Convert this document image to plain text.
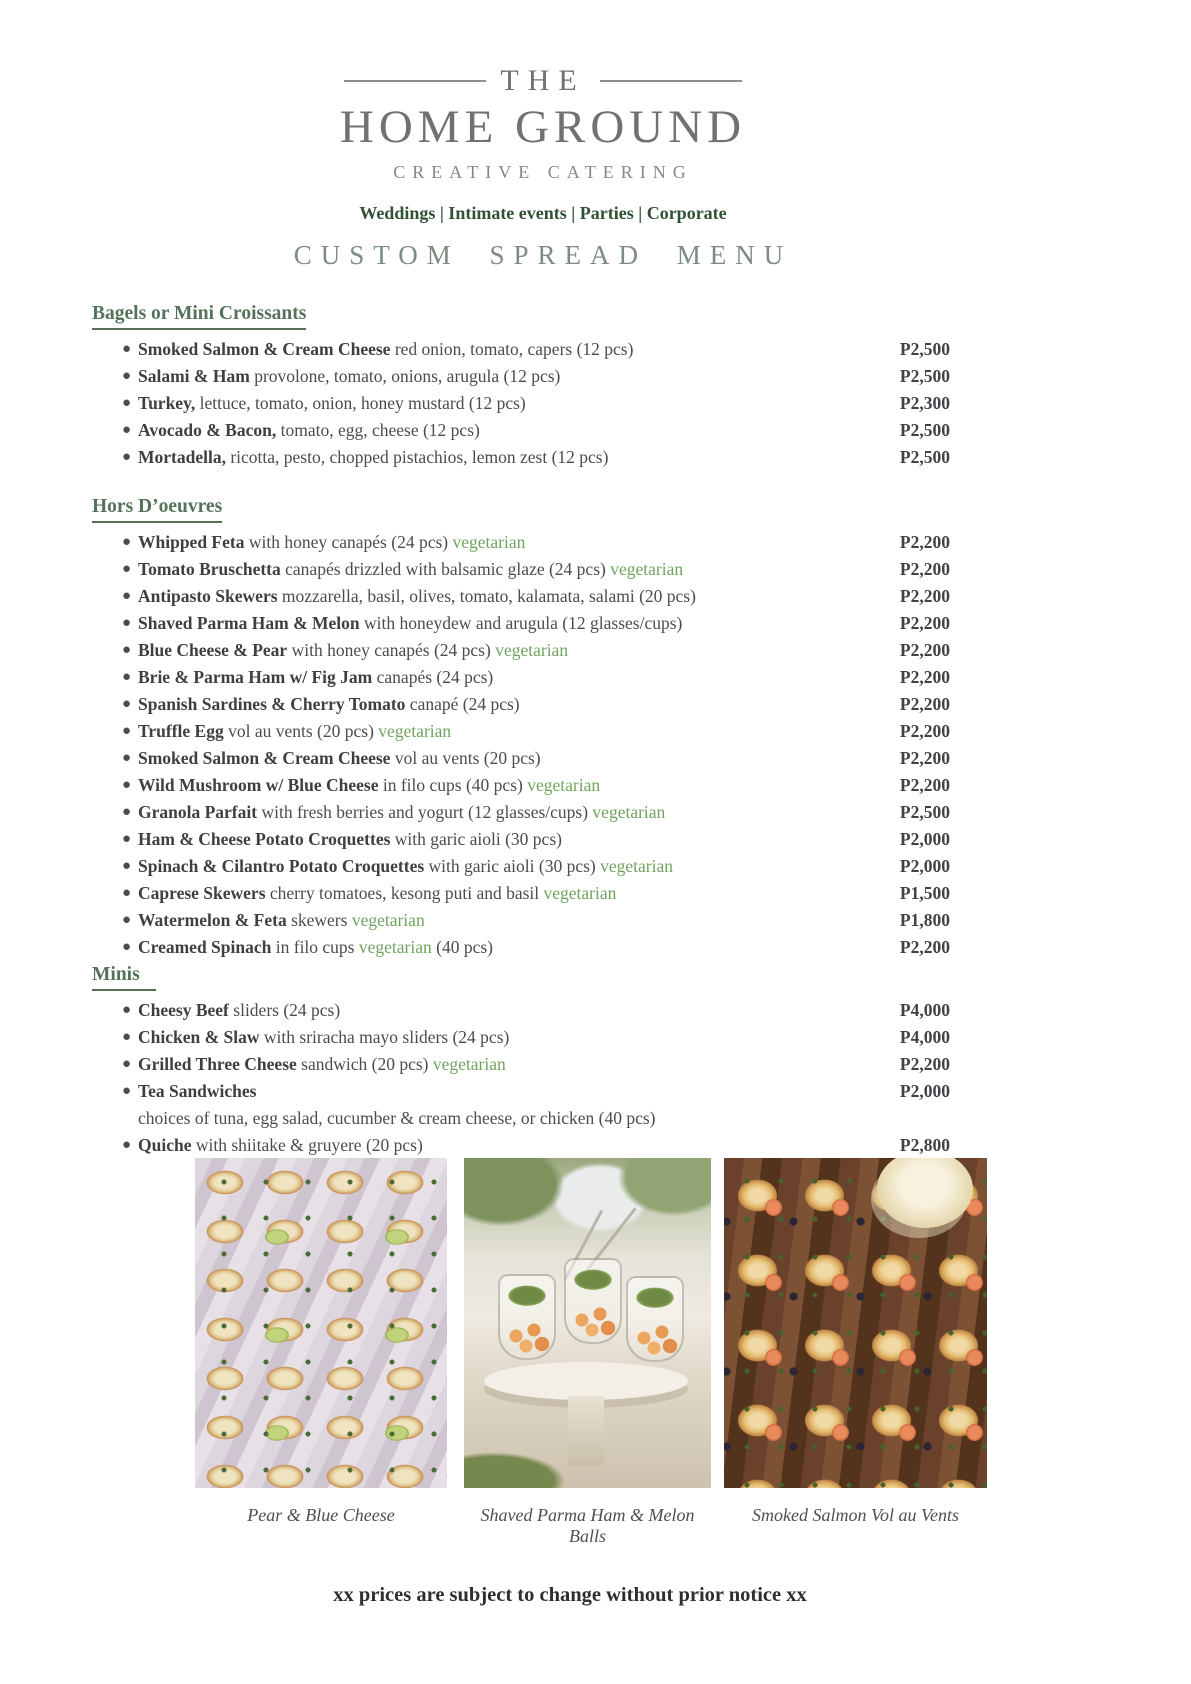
THE
HOME GROUND
CREATIVE CATERING
Weddings | Intimate events | Parties | Corporate
CUSTOM SPREAD MENU
Bagels or Mini Croissants
● Smoked Salmon & Cream Cheese red onion, tomato, capers (12 pcs)	P2,500
● Salami & Ham provolone, tomato, onions, arugula (12 pcs)	P2,500
● Turkey, lettuce, tomato, onion, honey mustard (12 pcs)	P2,300
● Avocado & Bacon, tomato, egg, cheese (12 pcs)	P2,500
● Mortadella, ricotta, pesto, chopped pistachios, lemon zest (12 pcs)	P2,500
Hors D’oeuvres
● Whipped Feta with honey canapés (24 pcs) vegetarian	P2,200
● Tomato Bruschetta canapés drizzled with balsamic glaze (24 pcs) vegetarian	P2,200
● Antipasto Skewers mozzarella, basil, olives, tomato, kalamata, salami (20 pcs)	P2,200
● Shaved Parma Ham & Melon with honeydew and arugula (12 glasses/cups)	P2,200
● Blue Cheese & Pear with honey canapés (24 pcs) vegetarian	P2,200
● Brie & Parma Ham w/ Fig Jam canapés (24 pcs)	P2,200
● Spanish Sardines & Cherry Tomato canapé (24 pcs)	P2,200
● Truffle Egg vol au vents (20 pcs) vegetarian	P2,200
● Smoked Salmon & Cream Cheese vol au vents (20 pcs)	P2,200
● Wild Mushroom w/ Blue Cheese in filo cups (40 pcs) vegetarian	P2,200
● Granola Parfait with fresh berries and yogurt (12 glasses/cups) vegetarian	P2,500
● Ham & Cheese Potato Croquettes with garic aioli (30 pcs)	P2,000
● Spinach & Cilantro Potato Croquettes with garic aioli (30 pcs) vegetarian	P2,000
● Caprese Skewers cherry tomatoes, kesong puti and basil vegetarian	P1,500
● Watermelon & Feta skewers vegetarian	P1,800
● Creamed Spinach in filo cups vegetarian (40 pcs)	P2,200
Minis
● Cheesy Beef sliders (24 pcs)	P4,000
● Chicken & Slaw with sriracha mayo sliders (24 pcs)	P4,000
● Grilled Three Cheese sandwich (20 pcs) vegetarian	P2,200
● Tea Sandwiches	P2,000
choices of tuna, egg salad, cucumber & cream cheese, or chicken (40 pcs)
● Quiche with shiitake & gruyere (20 pcs)	P2,800
Pear & Blue Cheese	Shaved Parma Ham & Melon Balls
Smoked Salmon Vol au Vents
xx prices are subject to change without prior notice xx
